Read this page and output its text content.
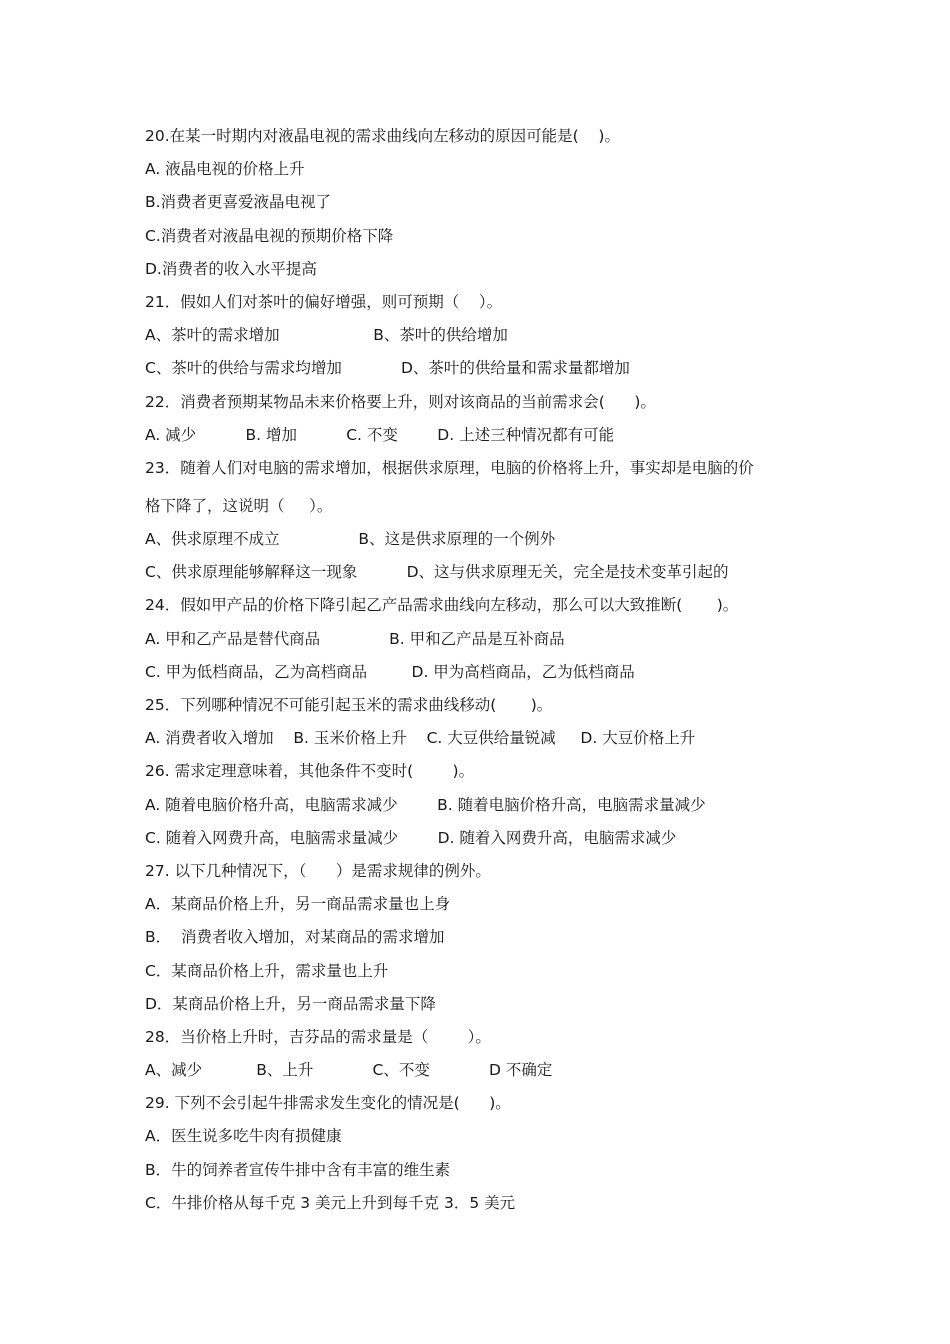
20.在某一时期内对液晶电视的需求曲线向左移动的原因可能是(    )。
A. 液晶电视的价格上升
B.消费者更喜爱液晶电视了
C.消费者对液晶电视的预期价格下降
D.消费者的收入水平提高
21．假如人们对茶叶的偏好增强，则可预期（    ）。
A、茶叶的需求增加                   B、茶叶的供给增加
C、茶叶的供给与需求均增加            D、茶叶的供给量和需求量都增加
22．消费者预期某物品未来价格要上升，则对该商品的当前需求会(      )。
A. 减少          B. 增加          C. 不变        D. 上述三种情况都有可能
23．随着人们对电脑的需求增加，根据供求原理，电脑的价格将上升，事实却是电脑的价
格下降了，这说明（     ）。
A、供求原理不成立                B、这是供求原理的一个例外
C、供求原理能够解释这一现象          D、这与供求原理无关，完全是技术变革引起的
24．假如甲产品的价格下降引起乙产品需求曲线向左移动，那么可以大致推断(       )。
A. 甲和乙产品是替代商品              B. 甲和乙产品是互补商品
C. 甲为低档商品，乙为高档商品         D. 甲为高档商品，乙为低档商品
25．下列哪种情况不可能引起玉米的需求曲线移动(       )。
A. 消费者收入增加    B. 玉米价格上升    C. 大豆供给量锐减     D. 大豆价格上升
26. 需求定理意味着，其他条件不变时(        )。
A. 随着电脑价格升高，电脑需求减少        B. 随着电脑价格升高，电脑需求量减少
C. 随着入网费升高，电脑需求量减少        D. 随着入网费升高，电脑需求减少
27. 以下几种情况下，（      ）是需求规律的例外。
A．某商品价格上升，另一商品需求量也上身
B．  消费者收入增加，对某商品的需求增加
C．某商品价格上升，需求量也上升
D．某商品价格上升，另一商品需求量下降
28．当价格上升时，吉芬品的需求量是（        ）。
A、减少           B、上升            C、不变            D 不确定
29. 下列不会引起牛排需求发生变化的情况是(      )。
A．医生说多吃牛肉有损健康
B．牛的饲养者宣传牛排中含有丰富的维生素
C．牛排价格从每千克 3 美元上升到每千克 3．5 美元
